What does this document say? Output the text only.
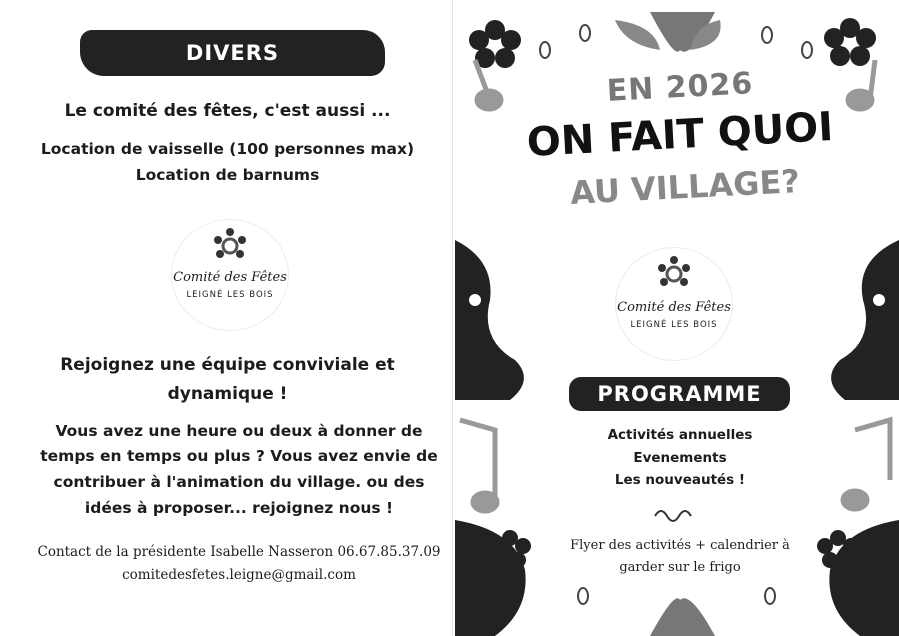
DIVERS
Le comité des fêtes, c'est aussi ...
Location de vaisselle (100 personnes max)
Location de barnums
Comité des Fêtes
LEIGNÉ LES BOIS
Rejoignez une équipe conviviale et
dynamique !
Vous avez une heure ou deux à donner de
temps en temps ou plus ? Vous avez envie de
contribuer à l'animation du village. ou des
idées à proposer... rejoignez nous !
Contact de la présidente Isabelle Nasseron 06.67.85.37.09
comitedesfetes.leigne@gmail.com
EN 2026
ON FAIT QUOI
AU VILLAGE?
Comité des Fêtes
LEIGNÉ LES BOIS
PROGRAMME
Activités annuelles
Evenements
Les nouveautés !
Flyer des activités + calendrier à
garder sur le frigo
